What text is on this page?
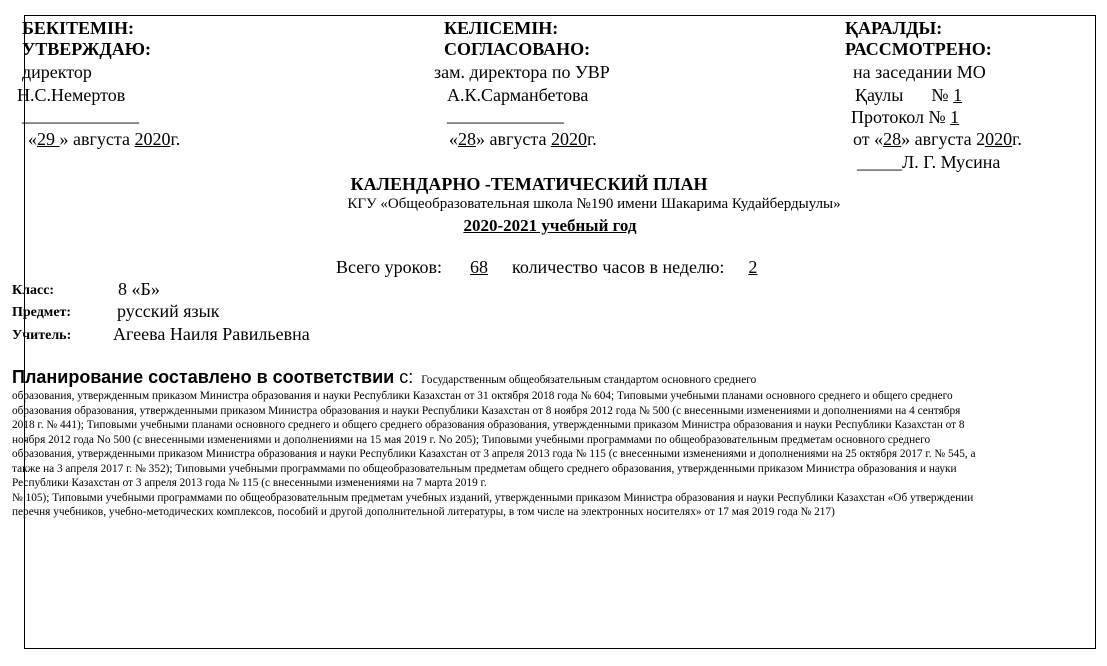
БЕКІТЕМІН:
УТВЕРЖДАЮ:
директор
Н.С.Немертов
_____________
«29 » августа 2020г.
КЕЛІСЕМІН:
СОГЛАСОВАНО:
зам. директора по УВР
А.К.Сарманбетова
_____________
«28» августа 2020г.
ҚАРАЛДЫ:
РАССМОТРЕНО:
на заседании МО
Қаулы № 1
Протокол № 1
от «28» августа 2020г.
_____Л. Г. Мусина
КАЛЕНДАРНО -ТЕМАТИЧЕСКИЙ ПЛАН
КГУ «Общеобразовательная школа №190 имени Шакарима Кудайбердыулы»
2020-2021 учебный год
Всего уроков: 68 количество часов в неделю: 2
Класс:	8 «Б»
Предмет:	русский язык
Учитель: Агеева Наиля Равильевна
Планирование составлено в соответствии с: Государственным общеобязательным стандартом основного среднего
образования, утвержденным приказом Министра образования и науки Республики Казахстан от 31 октября 2018 года № 604; Типовыми учебными планами основного среднего и общего среднего
образования образования, утвержденными приказом Министра образования и науки Республики Казахстан от 8 ноября 2012 года № 500 (с внесенными изменениями и дополнениями на 4 сентября
2018 г. № 441); Типовыми учебными планами основного среднего и общего среднего образования образования, утвержденными приказом Министра образования и науки Республики Казахстан от 8
ноября 2012 года No 500 (с внесенными изменениями и дополнениями на 15 мая 2019 г. No 205); Типовыми учебными программами по общеобразовательным предметам основного среднего
образования, утвержденными приказом Министра образования и науки Республики Казахстан от 3 апреля 2013 года № 115 (с внесенными изменениями и дополнениями на 25 октября 2017 г. № 545, а
также на 3 апреля 2017 г. № 352); Типовыми учебными программами по общеобразовательным предметам общего среднего образования, утвержденными приказом Министра образования и науки
Республики Казахстан от 3 апреля 2013 года № 115 (с внесенными изменениями на 7 марта 2019 г.
№ 105); Типовыми учебными программами по общеобразовательным предметам учебных изданий, утвержденными приказом Министра образования и науки Республики Казахстан «Об утверждении
перечня учебников, учебно-методических комплексов, пособий и другой дополнительной литературы, в том числе на электронных носителях» от 17 мая 2019 года № 217)
